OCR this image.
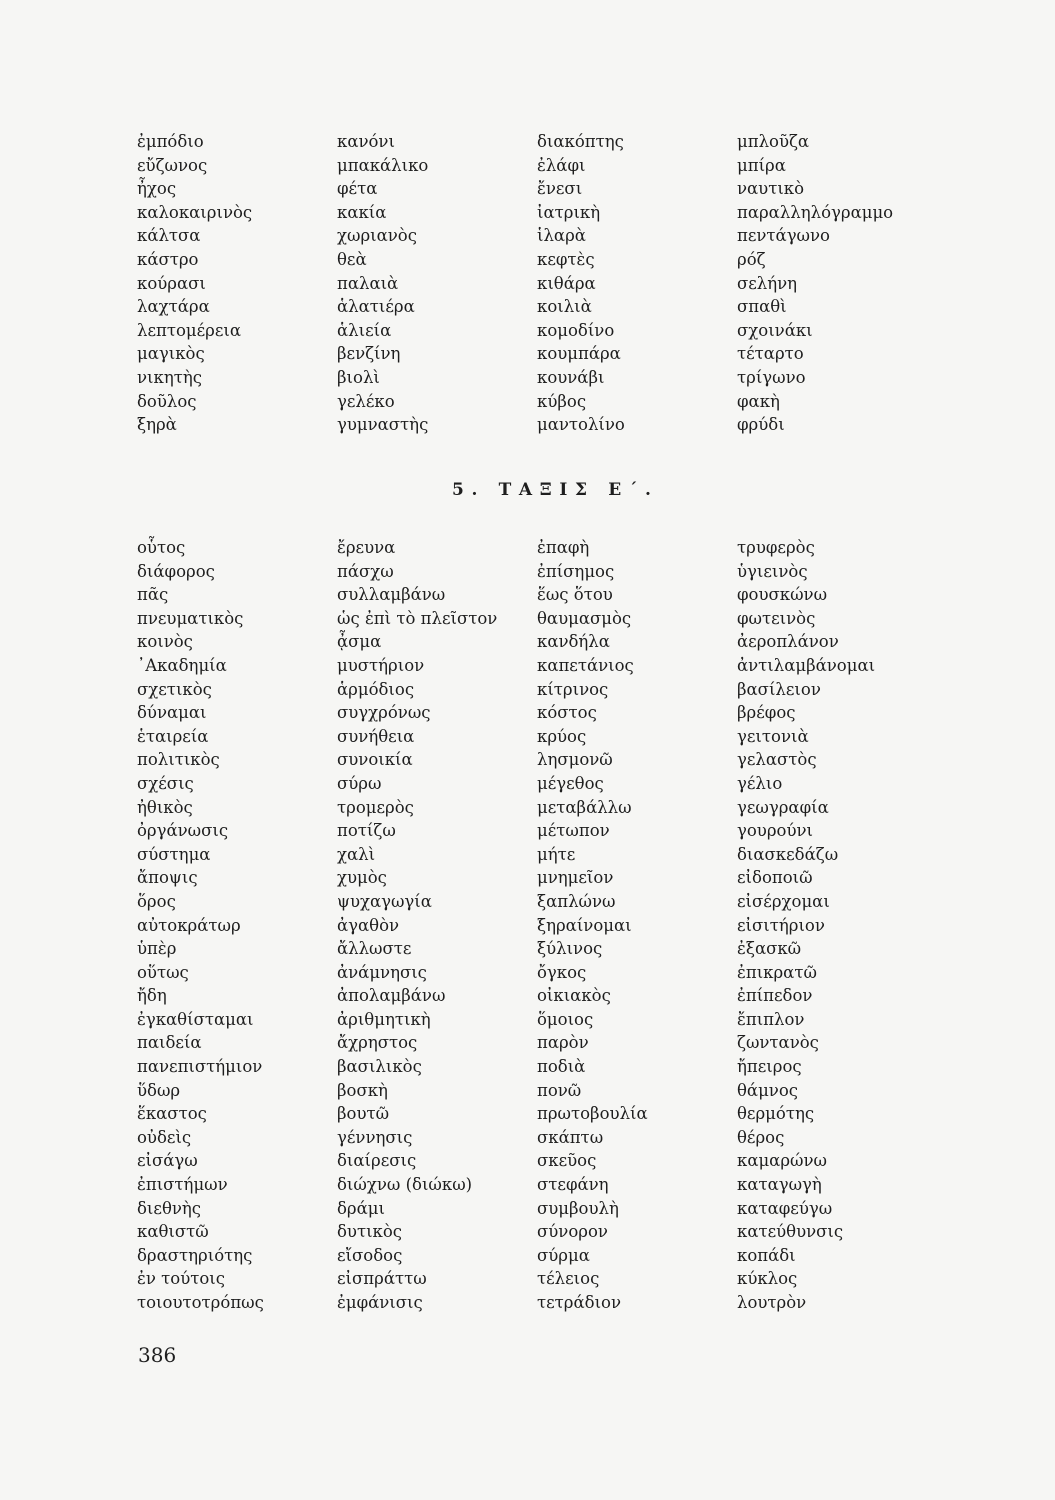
ἐμπόδιο
εὔζωνος
ἦχος
καλοκαιρινὸς
κάλτσα
κάστρο
κούρασι
λαχτάρα
λεπτομέρεια
μαγικὸς
νικητὴς
δοῦλος
ξηρὰ
κανόνι
μπακάλικο
φέτα
κακία
χωριανὸς
θεὰ
παλαιὰ
ἁλατιέρα
ἁλιεία
βενζίνη
βιολὶ
γελέκο
γυμναστὴς
διακόπτης
ἐλάφι
ἔνεσι
ἰατρικὴ
ἱλαρὰ
κεφτὲς
κιθάρα
κοιλιὰ
κομοδίνο
κουμπάρα
κουνάβι
κύβος
μαντολίνο
μπλοῦζα
μπίρα
ναυτικὸ
παραλληλόγραμμο
πεντάγωνο
ρόζ
σελήνη
σπαθὶ
σχοινάκι
τέταρτο
τρίγωνο
φακὴ
φρύδι
5. ΤΑΞΙΣ Ε΄.
οὗτος
διάφορος
πᾶς
πνευματικὸς
κοινὸς
᾿Ακαδημία
σχετικὸς
δύναμαι
ἑταιρεία
πολιτικὸς
σχέσις
ἠθικὸς
ὀργάνωσις
σύστημα
ἄποψις
ὅρος
αὐτοκράτωρ
ὑπὲρ
οὕτως
ἤδη
ἐγκαθίσταμαι
παιδεία
πανεπιστήμιον
ὕδωρ
ἕκαστος
οὐδεὶς
εἰσάγω
ἐπιστήμων
διεθνὴς
καθιστῶ
δραστηριότης
ἐν τούτοις
τοιουτοτρόπως
ἔρευνα
πάσχω
συλλαμβάνω
ὡς ἐπὶ τὸ πλεῖστον
ᾆσμα
μυστήριον
ἁρμόδιος
συγχρόνως
συνήθεια
συνοικία
σύρω
τρομερὸς
ποτίζω
χαλὶ
χυμὸς
ψυχαγωγία
ἀγαθὸν
ἄλλωστε
ἀνάμνησις
ἀπολαμβάνω
ἀριθμητικὴ
ἄχρηστος
βασιλικὸς
βοσκὴ
βουτῶ
γέννησις
διαίρεσις
διώχνω (διώκω)
δράμι
δυτικὸς
εἴσοδος
εἰσπράττω
ἐμφάνισις
ἐπαφὴ
ἐπίσημος
ἕως ὅτου
θαυμασμὸς
κανδήλα
καπετάνιος
κίτρινος
κόστος
κρύος
λησμονῶ
μέγεθος
μεταβάλλω
μέτωπον
μήτε
μνημεῖον
ξαπλώνω
ξηραίνομαι
ξύλινος
ὄγκος
οἰκιακὸς
ὅμοιος
παρὸν
ποδιὰ
πονῶ
πρωτοβουλία
σκάπτω
σκεῦος
στεφάνη
συμβουλὴ
σύνορον
σύρμα
τέλειος
τετράδιον
τρυφερὸς
ὑγιεινὸς
φουσκώνω
φωτεινὸς
ἀεροπλάνον
ἀντιλαμβάνομαι
βασίλειον
βρέφος
γειτονιὰ
γελαστὸς
γέλιο
γεωγραφία
γουρούνι
διασκεδάζω
εἰδοποιῶ
εἰσέρχομαι
εἰσιτήριον
ἐξασκῶ
ἐπικρατῶ
ἐπίπεδον
ἔπιπλον
ζωντανὸς
ἤπειρος
θάμνος
θερμότης
θέρος
καμαρώνω
καταγωγὴ
καταφεύγω
κατεύθυνσις
κοπάδι
κύκλος
λουτρὸν
386
